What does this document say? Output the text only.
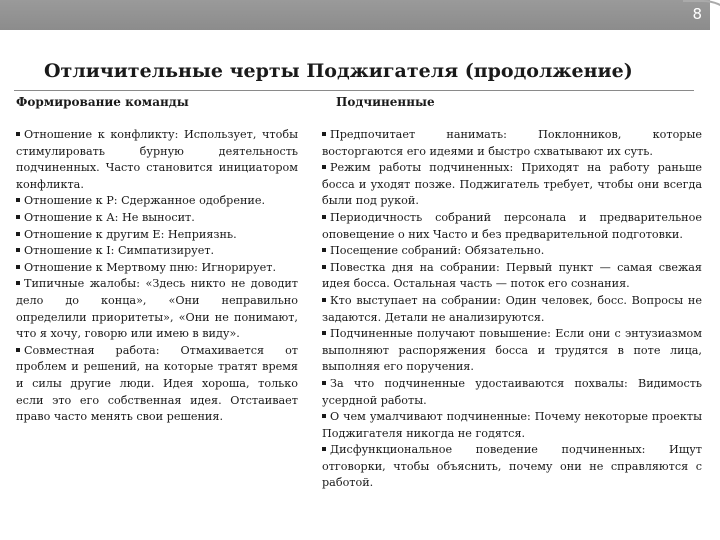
8
Отличительные черты Поджигателя (продолжение)
Формирование команды	Подчиненные

Отношение к конфликту: Использует, чтобы стимулировать бурную деятельность подчиненных. Часто становится инициатором конфликта.

Отношение к Р: Сдержанное одобрение.

Отношение к А: Не выносит.

Отношение к другим Е: Неприязнь.

Отношение к I: Симпатизирует.

Отношение к Мертвому пню: Игнорирует.

Типичные жалобы: «Здесь никто не доводит дело до конца», «Они неправильно определили приоритеты», «Они не понимают, что я хочу, говорю или имею в виду».

Совместная работа: Отмахивается от проблем и решений, на которые тратят время и силы другие люди. Идея хороша, только если это его собственная идея. Отстаивает право часто менять свои решения.

Предпочитает нанимать: Поклонников, которые восторгаются его идеями и быстро схватывают их суть.

Режим работы подчиненных: Приходят на работу раньше босса и уходят позже. Поджигатель требует, чтобы они всегда были под рукой.

Периодичность собраний персонала и предварительное оповещение о них Часто и без предварительной подготовки.

Посещение собраний: Обязательно.

Повестка дня на собрании: Первый пункт — самая свежая идея босса. Остальная часть — поток его сознания.

Кто выступает на собрании: Один человек, босс. Вопросы не задаются. Детали не анализируются.

Подчиненные получают повышение: Если они с энтузиазмом выполняют распоряжения босса и трудятся в поте лица, выполняя его поручения.

За что подчиненные удостаиваются похвалы: Видимость усердной работы.

О чем умалчивают подчиненные: Почему некоторые проекты Поджигателя никогда не годятся.

Дисфункциональное поведение подчиненных: Ищут отговорки, чтобы объяснить, почему они не справляются с работой.
